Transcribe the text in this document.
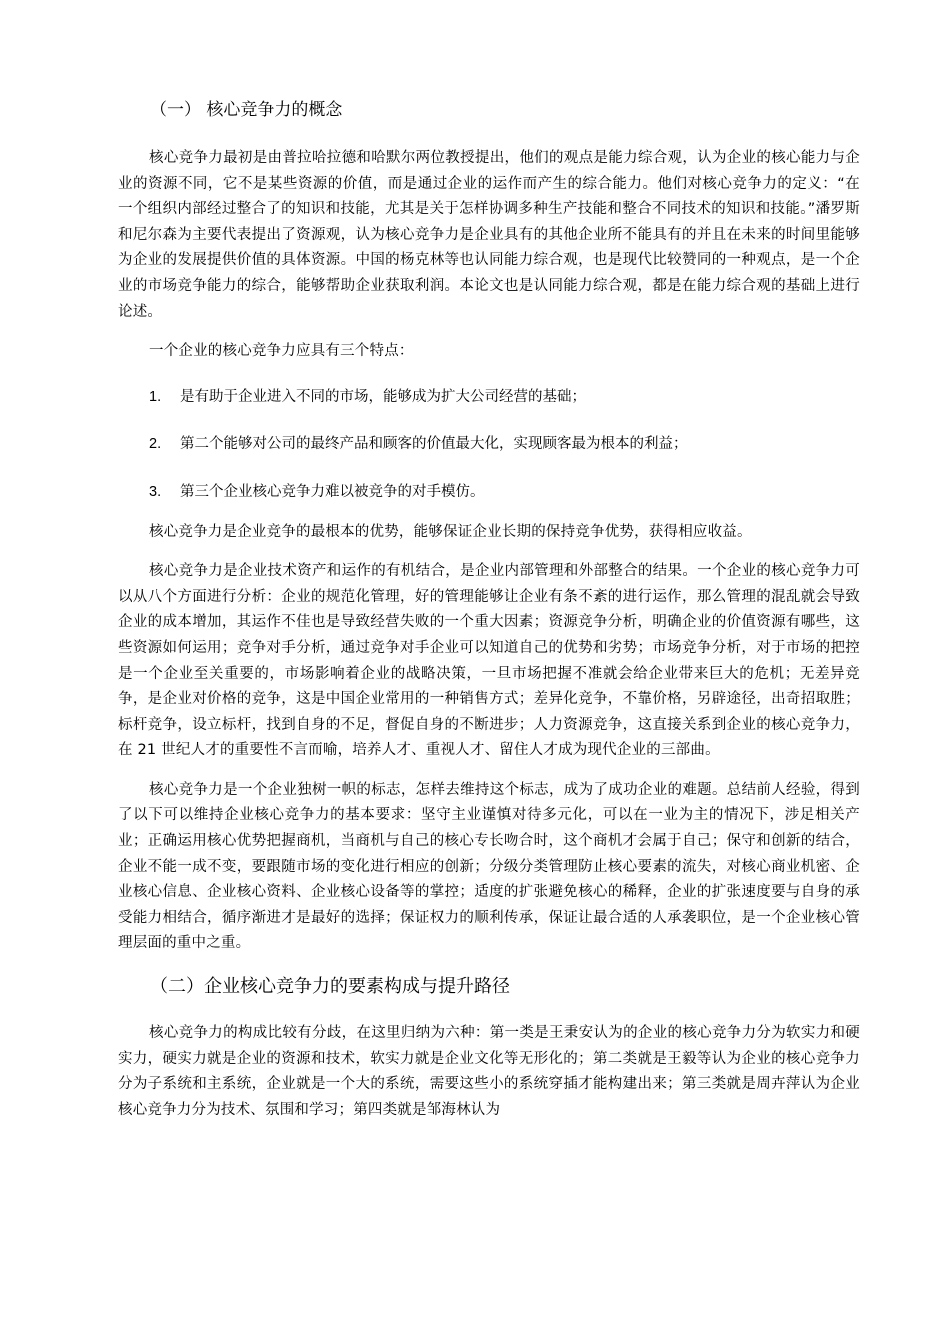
（一） 核心竞争力的概念

核心竞争力最初是由普拉哈拉德和哈默尔两位教授提出，他们的观点是能力综合观，认为企业的核心能力与企业的资源不同，它不是某些资源的价值，而是通过企业的运作而产生的综合能力。他们对核心竞争力的定义：“在一个组织内部经过整合了的知识和技能，尤其是关于怎样协调多种生产技能和整合不同技术的知识和技能。”潘罗斯和尼尔森为主要代表提出了资源观，认为核心竞争力是企业具有的其他企业所不能具有的并且在未来的时间里能够为企业的发展提供价值的具体资源。中国的杨克林等也认同能力综合观，也是现代比较赞同的一种观点，是一个企业的市场竞争能力的综合，能够帮助企业获取利润。本论文也是认同能力综合观，都是在能力综合观的基础上进行论述。

一个企业的核心竞争力应具有三个特点：

1.	是有助于企业进入不同的市场，能够成为扩大公司经营的基础；
2.	第二个能够对公司的最终产品和顾客的价值最大化，实现顾客最为根本的利益；
3.	第三个企业核心竞争力难以被竞争的对手模仿。

核心竞争力是企业竞争的最根本的优势，能够保证企业长期的保持竞争优势，获得相应收益。

核心竞争力是企业技术资产和运作的有机结合，是企业内部管理和外部整合的结果。一个企业的核心竞争力可以从八个方面进行分析：企业的规范化管理，好的管理能够让企业有条不紊的进行运作，那么管理的混乱就会导致企业的成本增加，其运作不佳也是导致经营失败的一个重大因素；资源竞争分析，明确企业的价值资源有哪些，这些资源如何运用；竞争对手分析，通过竞争对手企业可以知道自己的优势和劣势；市场竞争分析，对于市场的把控是一个企业至关重要的，市场影响着企业的战略决策，一旦市场把握不准就会给企业带来巨大的危机；无差异竞争，是企业对价格的竞争，这是中国企业常用的一种销售方式；差异化竞争，不靠价格，另辟途径，出奇招取胜；标杆竞争，设立标杆，找到自身的不足，督促自身的不断进步；人力资源竞争，这直接关系到企业的核心竞争力，在 21 世纪人才的重要性不言而喻，培养人才、重视人才、留住人才成为现代企业的三部曲。

核心竞争力是一个企业独树一帜的标志，怎样去维持这个标志，成为了成功企业的难题。总结前人经验，得到了以下可以维持企业核心竞争力的基本要求：坚守主业谨慎对待多元化，可以在一业为主的情况下，涉足相关产业；正确运用核心优势把握商机，当商机与自己的核心专长吻合时，这个商机才会属于自己；保守和创新的结合，企业不能一成不变，要跟随市场的变化进行相应的创新；分级分类管理防止核心要素的流失，对核心商业机密、企业核心信息、企业核心资料、企业核心设备等的掌控；适度的扩张避免核心的稀释，企业的扩张速度要与自身的承受能力相结合，循序渐进才是最好的选择；保证权力的顺利传承，保证让最合适的人承袭职位，是一个企业核心管理层面的重中之重。

（二）企业核心竞争力的要素构成与提升路径

核心竞争力的构成比较有分歧，在这里归纳为六种：第一类是王秉安认为的企业的核心竞争力分为软实力和硬实力，硬实力就是企业的资源和技术，软实力就是企业文化等无形化的；第二类就是王毅等认为企业的核心竞争力分为子系统和主系统，企业就是一个大的系统，需要这些小的系统穿插才能构建出来；第三类就是周卉萍认为企业核心竞争力分为技术、氛围和学习；第四类就是邹海林认为
